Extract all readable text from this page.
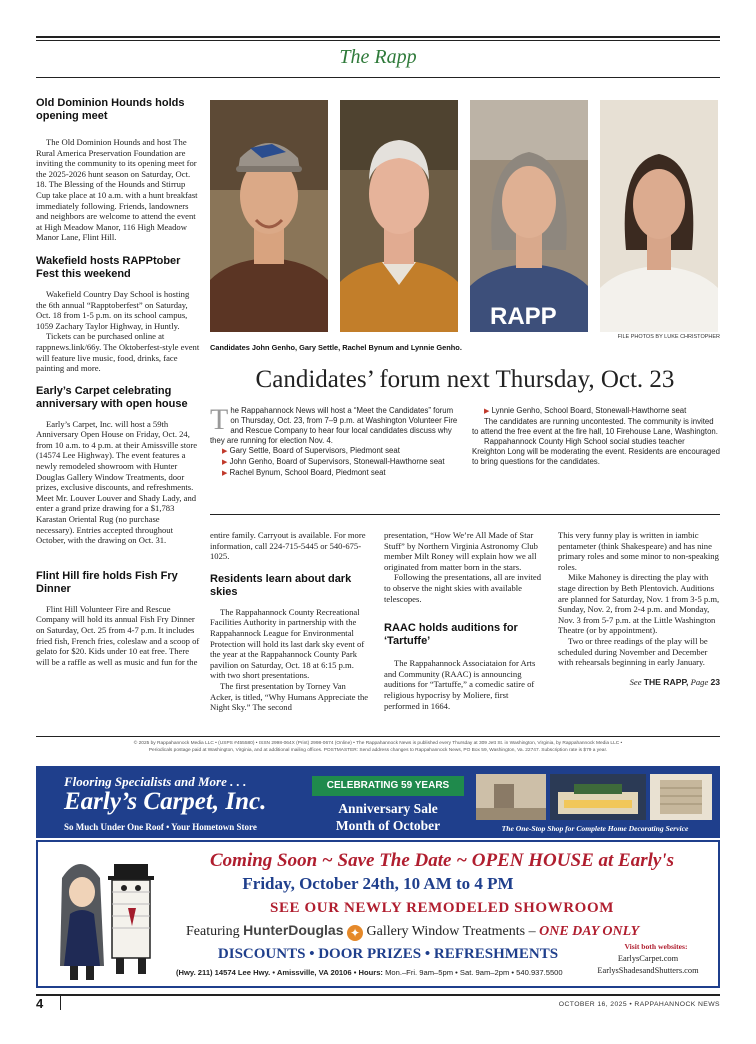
The Rapp
Old Dominion Hounds holds opening meet

The Old Dominion Hounds and host The Rural America Preservation Foundation are inviting the community to its opening meet for the 2025-2026 hunt season on Saturday, Oct. 18. The Blessing of the Hounds and Stirrup Cup take place at 10 a.m. with a hunt breakfast immediately following. Friends, landowners and neighbors are welcome to attend the event at High Meadow Manor, 116 High Meadow Manor Lane, Flint Hill.

Wakefield hosts RAPPtober Fest this weekend

Wakefield Country Day School is hosting the 6th annual “Rapptoberfest” on Saturday, Oct. 18 from 1-5 p.m. on its school campus, 1059 Zachary Taylor Highway, in Huntly.

Tickets can be purchased online at rappnews.link/66y. The Oktoberfest-style event will feature live music, food, drinks, face painting and more.

Early’s Carpet celebrating anniversary with open house

Early’s Carpet, Inc. will host a 59th Anniversary Open House on Friday, Oct. 24, from 10 a.m. to 4 p.m. at their Amissville store (14574 Lee Highway). The event features a newly remodeled showroom with Hunter Douglas Gallery Window Treatments, door prizes, exclusive discounts, and refreshments. Meet Mr. Louver Louver and Shady Lady, and enter a grand prize drawing for a $1,783 Karastan Oriental Rug (no purchase necessary). Entries accepted throughout October, with the drawing on Oct. 31.

Flint Hill fire holds Fish Fry Dinner

Flint Hill Volunteer Fire and Rescue Company will hold its annual Fish Fry Dinner on Saturday, Oct. 25 from 4-7 p.m. It includes fried fish, French fries, coleslaw and a scoop of gelato for $20. Kids under 10 eat free. There will be a raffle as well as music and fun for the

RAPP
FILE PHOTOS BY LUKE CHRISTOPHER
Candidates John Genho, Gary Settle, Rachel Bynum and Lynnie Genho.
Candidates’ forum next Thursday, Oct. 23
T he Rappahannock News will host a “Meet the Candidates” forum on Thursday, Oct. 23, from 7–9 p.m. at Washington Volunteer Fire and Rescue Company to hear four local candidates discuss why they are running for election Nov. 4.
▶ Gary Settle, Board of Supervisors, Piedmont seat
▶ John Genho, Board of Supervisors, Stonewall-Hawthorne seat
▶ Rachel Bynum, School Board, Piedmont seat
▶ Lynnie Genho, School Board, Stonewall-Hawthorne seat
The candidates are running uncontested. The community is invited to attend the free event at the fire hall, 10 Firehouse Lane, Washington.
Rappahannock County High School social studies teacher Kreighton Long will be moderating the event. Residents are encouraged to bring questions for the candidates.
entire family. Carryout is available. For more information, call 224-715-5445 or 540-675-1025.
Residents learn about dark skies

The Rappahannock County Recreational Facilities Authority in partnership with the Rappahannock League for Environmental Protection will hold its last dark sky event of the year at the Rappahannock County Park pavilion on Saturday, Oct. 18 at 6:15 p.m. with two short presentations.

The first presentation by Torney Van Acker, is titled, “Why Humans Appreciate the Night Sky.” The second

presentation, “How We’re All Made of Star Stuff” by Northern Virginia Astronomy Club member Milt Roney will explain how we all originated from matter born in the stars.

Following the presentations, all are invited to observe the night skies with available telescopes.

RAAC holds auditions for ‘Tartuffe’

The Rappahannock Associataion for Arts and Community (RAAC) is announcing auditions for “Tartuffe,” a comedic satire of religious hypocrisy by Moliere, first performed in 1664.

This very funny play is written in iambic pentameter (think Shakespeare) and has nine primary roles and some minor to non-speaking roles.

Mike Mahoney is directing the play with stage direction by Beth Plentovich. Auditions are planned for Saturday, Nov. 1 from 3-5 p.m, Sunday, Nov. 2, from 2-4 p.m. and Monday, Nov. 3 from 5-7 p.m. at the Little Washington Theatre (or by appointment).

Two or three readings of the play will be scheduled during November and December with rehearsals beginning in early January.

See THE RAPP, Page 23
© 2025 by Rappahannock Media LLC • (USPS #455580) • ISSN 2998-064X (Print) 2998-0674 (Online) • The Rappahannock News is published every Thursday at 309 Jett St. in Washington, Virginia, by Rappahannock Media LLC •
Periodicals postage paid at Washington, Virginia, and at additional mailing offices. POSTMASTER: Send address changes to Rappahannock News, PO Box 59, Washington, Va. 22747. Subscription rate is $79 a year.
Flooring Specialists and More . . .
Early’s Carpet, Inc.
So Much Under One Roof • Your Hometown Store
CELEBRATING 59 YEARS
Anniversary Sale
Month of October	The One-Stop Shop for Complete Home Decorating Service
Coming Soon ~ Save The Date ~ OPEN HOUSE at Early's
Friday, October 24th, 10 AM to 4 PM
SEE OUR NEWLY REMODELED SHOWROOM
Featuring HunterDouglas ✦ Gallery Window Treatments – ONE DAY ONLY
DISCOUNTS • DOOR PRIZES • REFRESHMENTS
(Hwy. 211) 14574 Lee Hwy. • Amissville, VA 20106 • Hours: Mon.–Fri. 9am–5pm • Sat. 9am–2pm • 540.937.5500
Visit both websites:
EarlysCarpet.com
EarlysShadesandShutters.com
4	OCTOBER 16, 2025 • RAPPAHANNOCK NEWS
